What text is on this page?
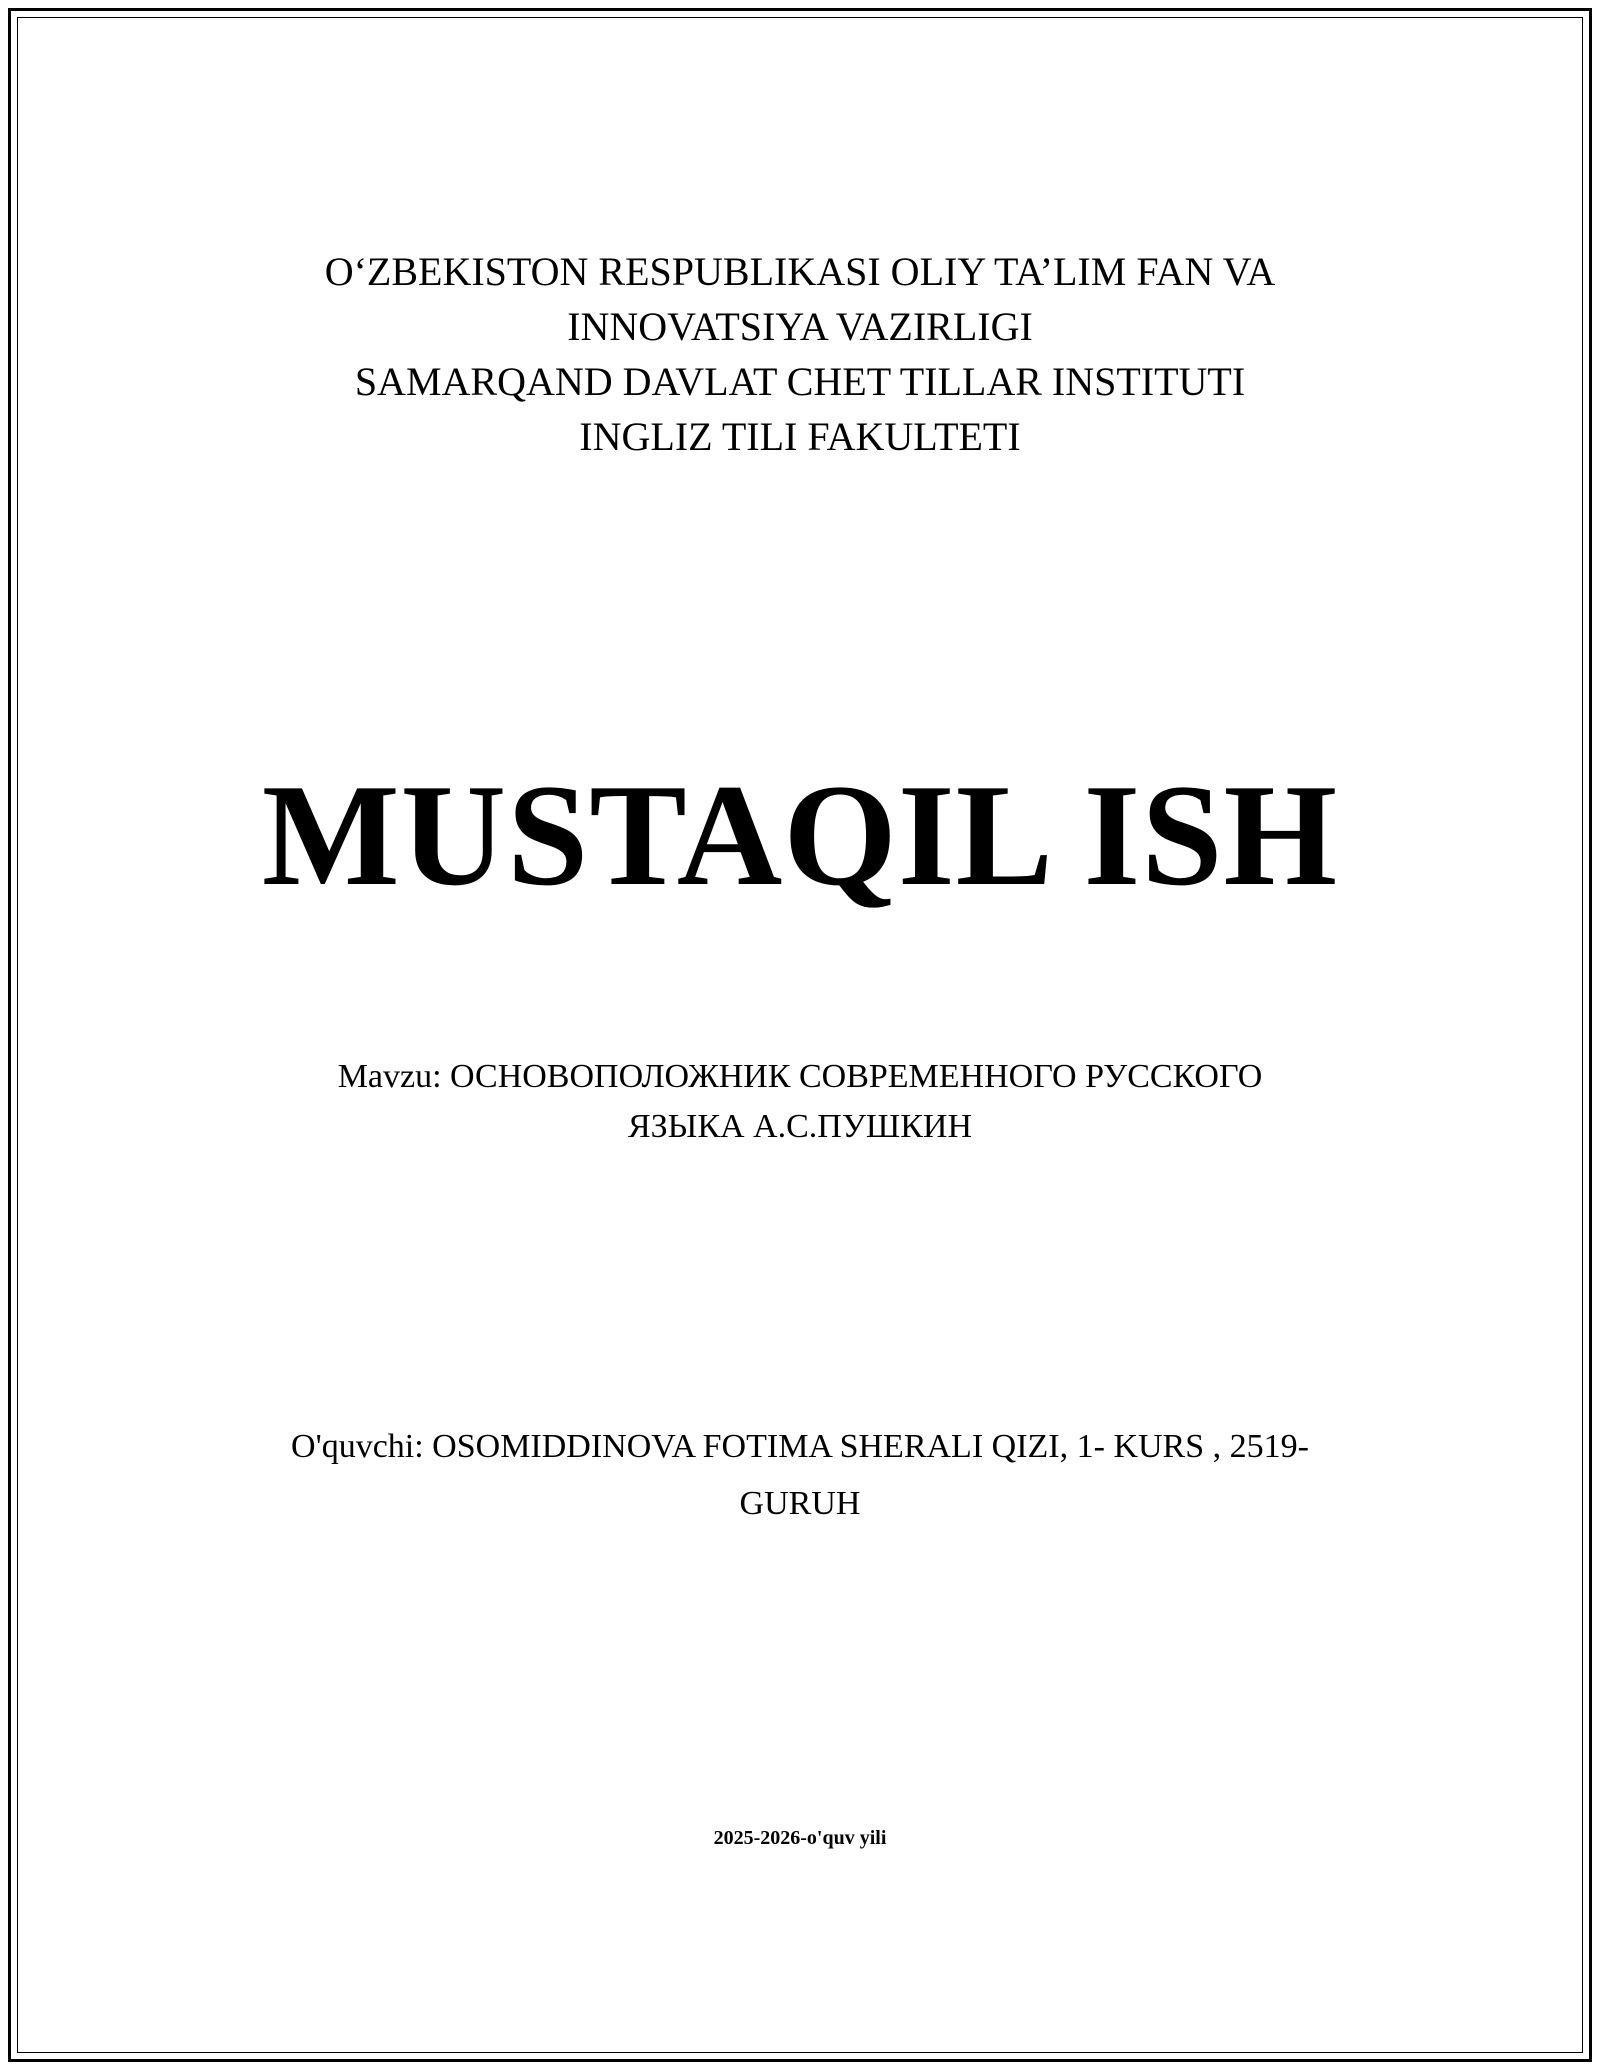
O‘ZBEKISTON RESPUBLIKASI OLIY TA’LIM FAN VA
INNOVATSIYA VAZIRLIGI
SAMARQAND DAVLAT CHET TILLAR INSTITUTI
INGLIZ TILI FAKULTETI
MUSTAQIL ISH
Mavzu: ОСНОВОПОЛОЖНИК СОВРЕМЕННОГО РУССКОГО
ЯЗЫКА А.С.ПУШКИН
O'quvchi: OSOMIDDINOVA FOTIMA SHERALI QIZI, 1- KURS , 2519-
GURUH
2025-2026-o'quv yili
